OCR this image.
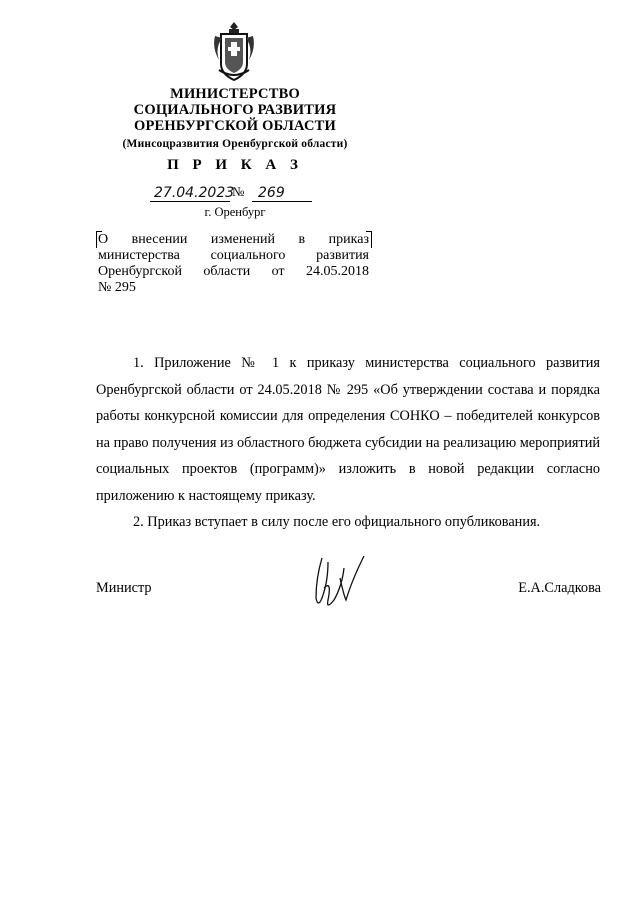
МИНИСТЕРСТВО
СОЦИАЛЬНОГО РАЗВИТИЯ
ОРЕНБУРГСКОЙ ОБЛАСТИ
(Минсоцразвития Оренбургской области)
П Р И К А З
27.04.2023
№ 269
г. Оренбург
О внесении изменений в приказ
министерства социального развития
Оренбургской области от 24.05.2018
№ 295

1. Приложение № 1 к приказу министерства социального развития Оренбургской области от 24.05.2018 № 295 «Об утверждении состава и порядка работы конкурсной комиссии для определения СОНКО – победителей конкурсов на право получения из областного бюджета субсидии на реализацию мероприятий социальных проектов (программ)» изложить в новой редакции согласно приложению к настоящему приказу.

2. Приказ вступает в силу после его официального опубликования.

Министр	Е.А.Сладкова
